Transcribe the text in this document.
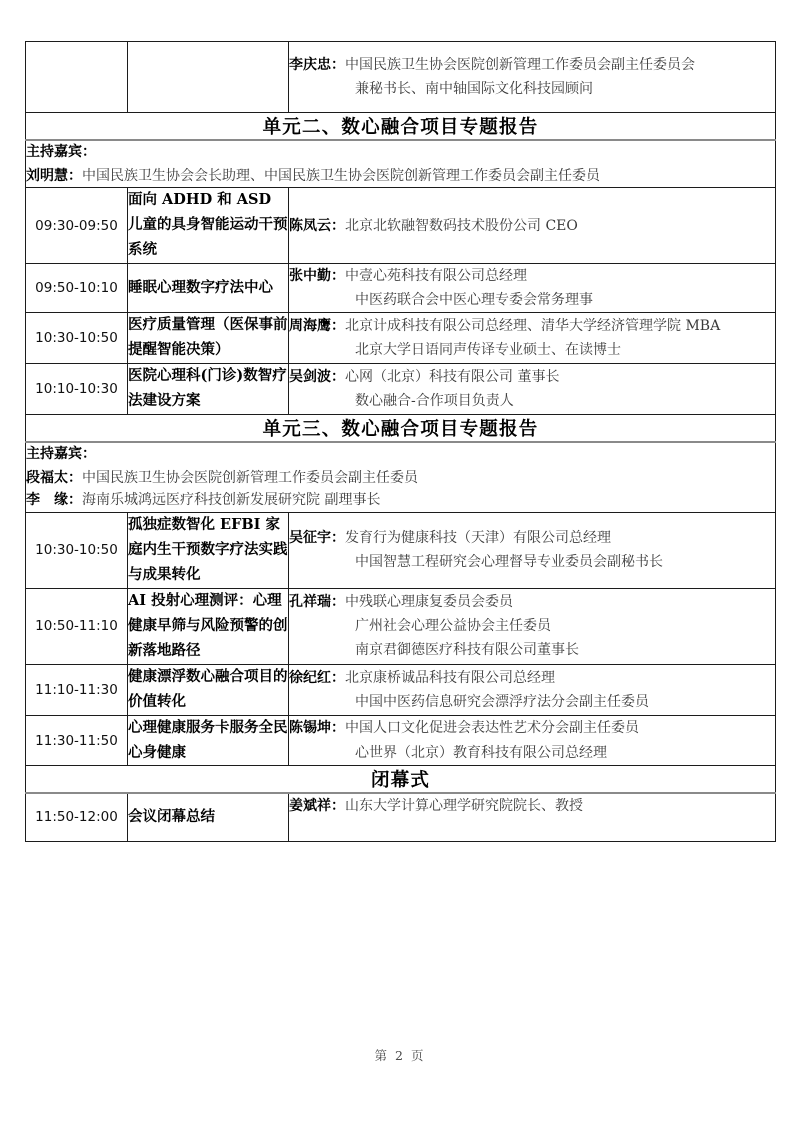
		李庆忠：中国民族卫生协会医院创新管理工作委员会副主任委员会
兼秘书长、南中轴国际文化科技园顾问

单元二、数心融合项目专题报告		

主持嘉宾：
刘明慧：中国民族卫生协会会长助理、中国民族卫生协会医院创新管理工作委员会副主任委员		

09:30-09:50	面向 ADHD 和 ASD 儿童的具身智能运动干预系统	陈凤云：北京北软融智数码技术股份公司 CEO

09:50-10:10	睡眠心理数字疗法中心	张中勤：中壹心苑科技有限公司总经理
中医药联合会中医心理专委会常务理事

10:30-10:50	医疗质量管理（医保事前提醒智能决策）	周海鹰：北京计成科技有限公司总经理、清华大学经济管理学院 MBA
北京大学日语同声传译专业硕士、在读博士

10:10-10:30	医院心理科(门诊)数智疗法建设方案	吴剑波：心网（北京）科技有限公司 董事长
数心融合-合作项目负责人

单元三、数心融合项目专题报告		

主持嘉宾：
段福太：中国民族卫生协会医院创新管理工作委员会副主任委员
李　缘：海南乐城鸿远医疗科技创新发展研究院 副理事长		

10:30-10:50	孤独症数智化 EFBI 家庭内生干预数字疗法实践与成果转化	吴征宇：发育行为健康科技（天津）有限公司总经理
中国智慧工程研究会心理督导专业委员会副秘书长

10:50-11:10	AI 投射心理测评：心理健康早筛与风险预警的创新落地路径	孔祥瑞：中残联心理康复委员会委员
广州社会心理公益协会主任委员
南京君御德医疗科技有限公司董事长

11:10-11:30	健康漂浮数心融合项目的价值转化	徐纪红：北京康桥诚品科技有限公司总经理
中国中医药信息研究会漂浮疗法分会副主任委员

11:30-11:50	心理健康服务卡服务全民心身健康	陈锡坤：中国人口文化促进会表达性艺术分会副主任委员
心世界（北京）教育科技有限公司总经理

闭幕式		
11:50-12:00	会议闭幕总结	姜斌祥：山东大学计算心理学研究院院长、教授
第 2 页
